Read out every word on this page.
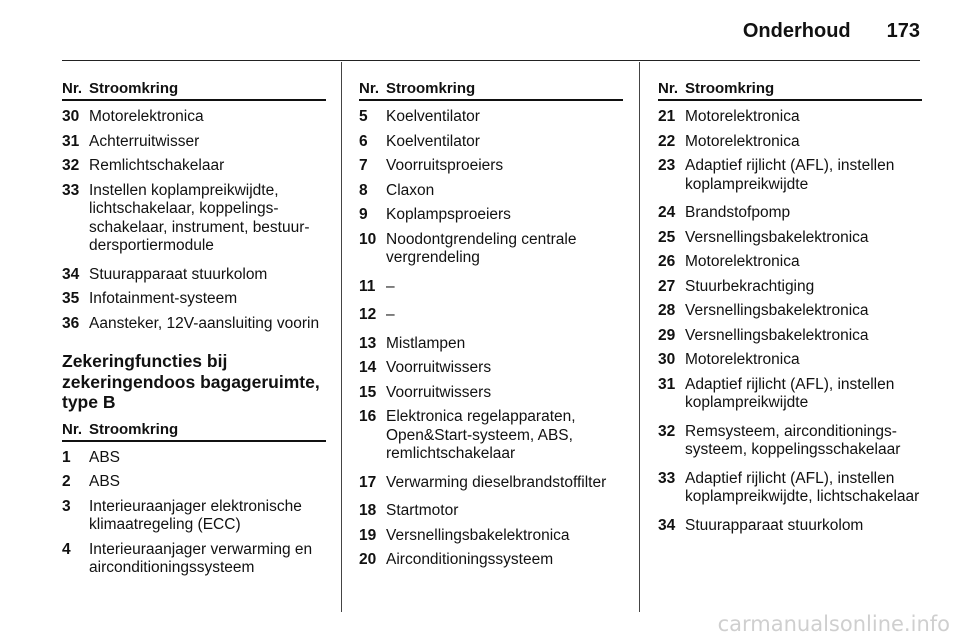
Onderhoud 173
Nr. Stroomkring
30 Motorelektronica
31 Achterruitwisser
32 Remlichtschakelaar
33 Instellen koplampreikwijdte, lichtschakelaar, koppelingsschakelaar, instrument, bestuurdersportiermodule
34 Stuurapparaat stuurkolom
35 Infotainment-systeem
36 Aansteker, 12V-aansluiting voorin
Zekeringfuncties bij zekeringendoos bagageruimte, type B
Nr. Stroomkring
1	ABS
2	ABS
3	Interieuraanjager elektronische klimaatregeling (ECC)
4	Interieuraanjager verwarming en airconditioningssysteem
Nr. Stroomkring
5	Koelventilator
6	Koelventilator
7	Voorruitsproeiers
8	Claxon
9	Koplampsproeiers
10 Noodontgrendeling centrale vergrendeling
11 –
12 –
13 Mistlampen
14 Voorruitwissers
15 Voorruitwissers
16 Elektronica regelapparaten, Open&Start-systeem, ABS, remlichtschakelaar
17 Verwarming dieselbrandstoffilter
18 Startmotor
19 Versnellingsbakelektronica
20 Airconditioningssysteem
Nr. Stroomkring
21 Motorelektronica
22 Motorelektronica
23 Adaptief rijlicht (AFL), instellen koplampreikwijdte
24 Brandstofpomp
25 Versnellingsbakelektronica
26 Motorelektronica
27 Stuurbekrachtiging
28 Versnellingsbakelektronica
29 Versnellingsbakelektronica
30 Motorelektronica
31 Adaptief rijlicht (AFL), instellen koplampreikwijdte
32 Remsysteem, airconditioningssysteem, koppelingsschakelaar
33 Adaptief rijlicht (AFL), instellen koplampreikwijdte, lichtschakelaar
34 Stuurapparaat stuurkolom
carmanualsonline.info
